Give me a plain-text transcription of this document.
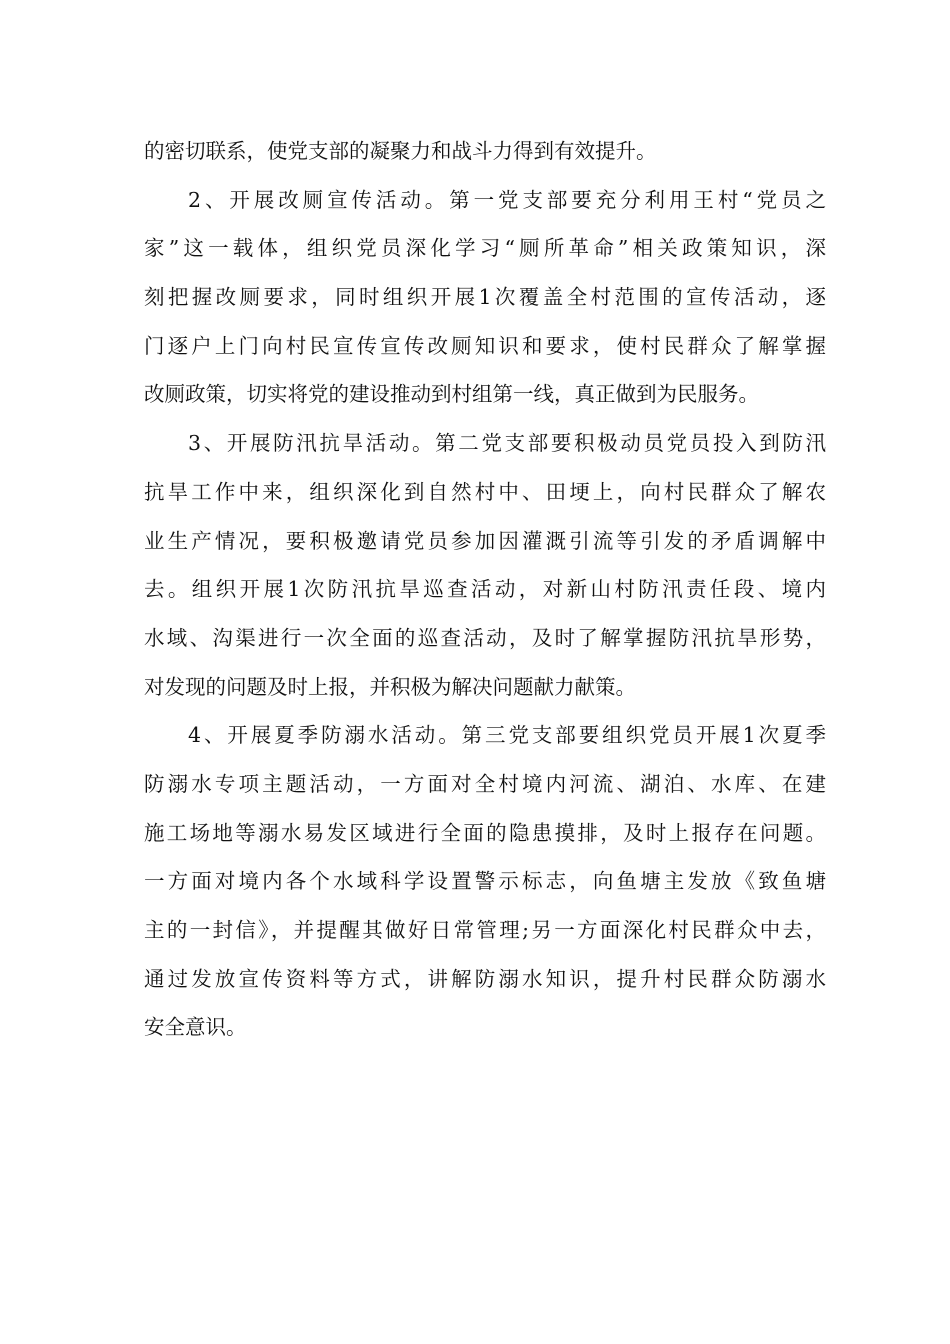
的密切联系，使党支部的凝聚力和战斗力得到有效提升。
2、开展改厕宣传活动。第一党支部要充分利用王村“党员之
家”这一载体，组织党员深化学习“厕所革命”相关政策知识，深
刻把握改厕要求，同时组织开展1次覆盖全村范围的宣传活动，逐
门逐户上门向村民宣传宣传改厕知识和要求，使村民群众了解掌握
改厕政策，切实将党的建设推动到村组第一线，真正做到为民服务。
3、开展防汛抗旱活动。第二党支部要积极动员党员投入到防汛
抗旱工作中来，组织深化到自然村中、田埂上，向村民群众了解农
业生产情况，要积极邀请党员参加因灌溉引流等引发的矛盾调解中
去。组织开展1次防汛抗旱巡查活动，对新山村防汛责任段、境内
水域、沟渠进行一次全面的巡查活动，及时了解掌握防汛抗旱形势，
对发现的问题及时上报，并积极为解决问题献力献策。
4、开展夏季防溺水活动。第三党支部要组织党员开展1次夏季
防溺水专项主题活动，一方面对全村境内河流、湖泊、水库、在建
施工场地等溺水易发区域进行全面的隐患摸排，及时上报存在问题。
一方面对境内各个水域科学设置警示标志，向鱼塘主发放《致鱼塘
主的一封信》，并提醒其做好日常管理;另一方面深化村民群众中去，
通过发放宣传资料等方式，讲解防溺水知识，提升村民群众防溺水
安全意识。
